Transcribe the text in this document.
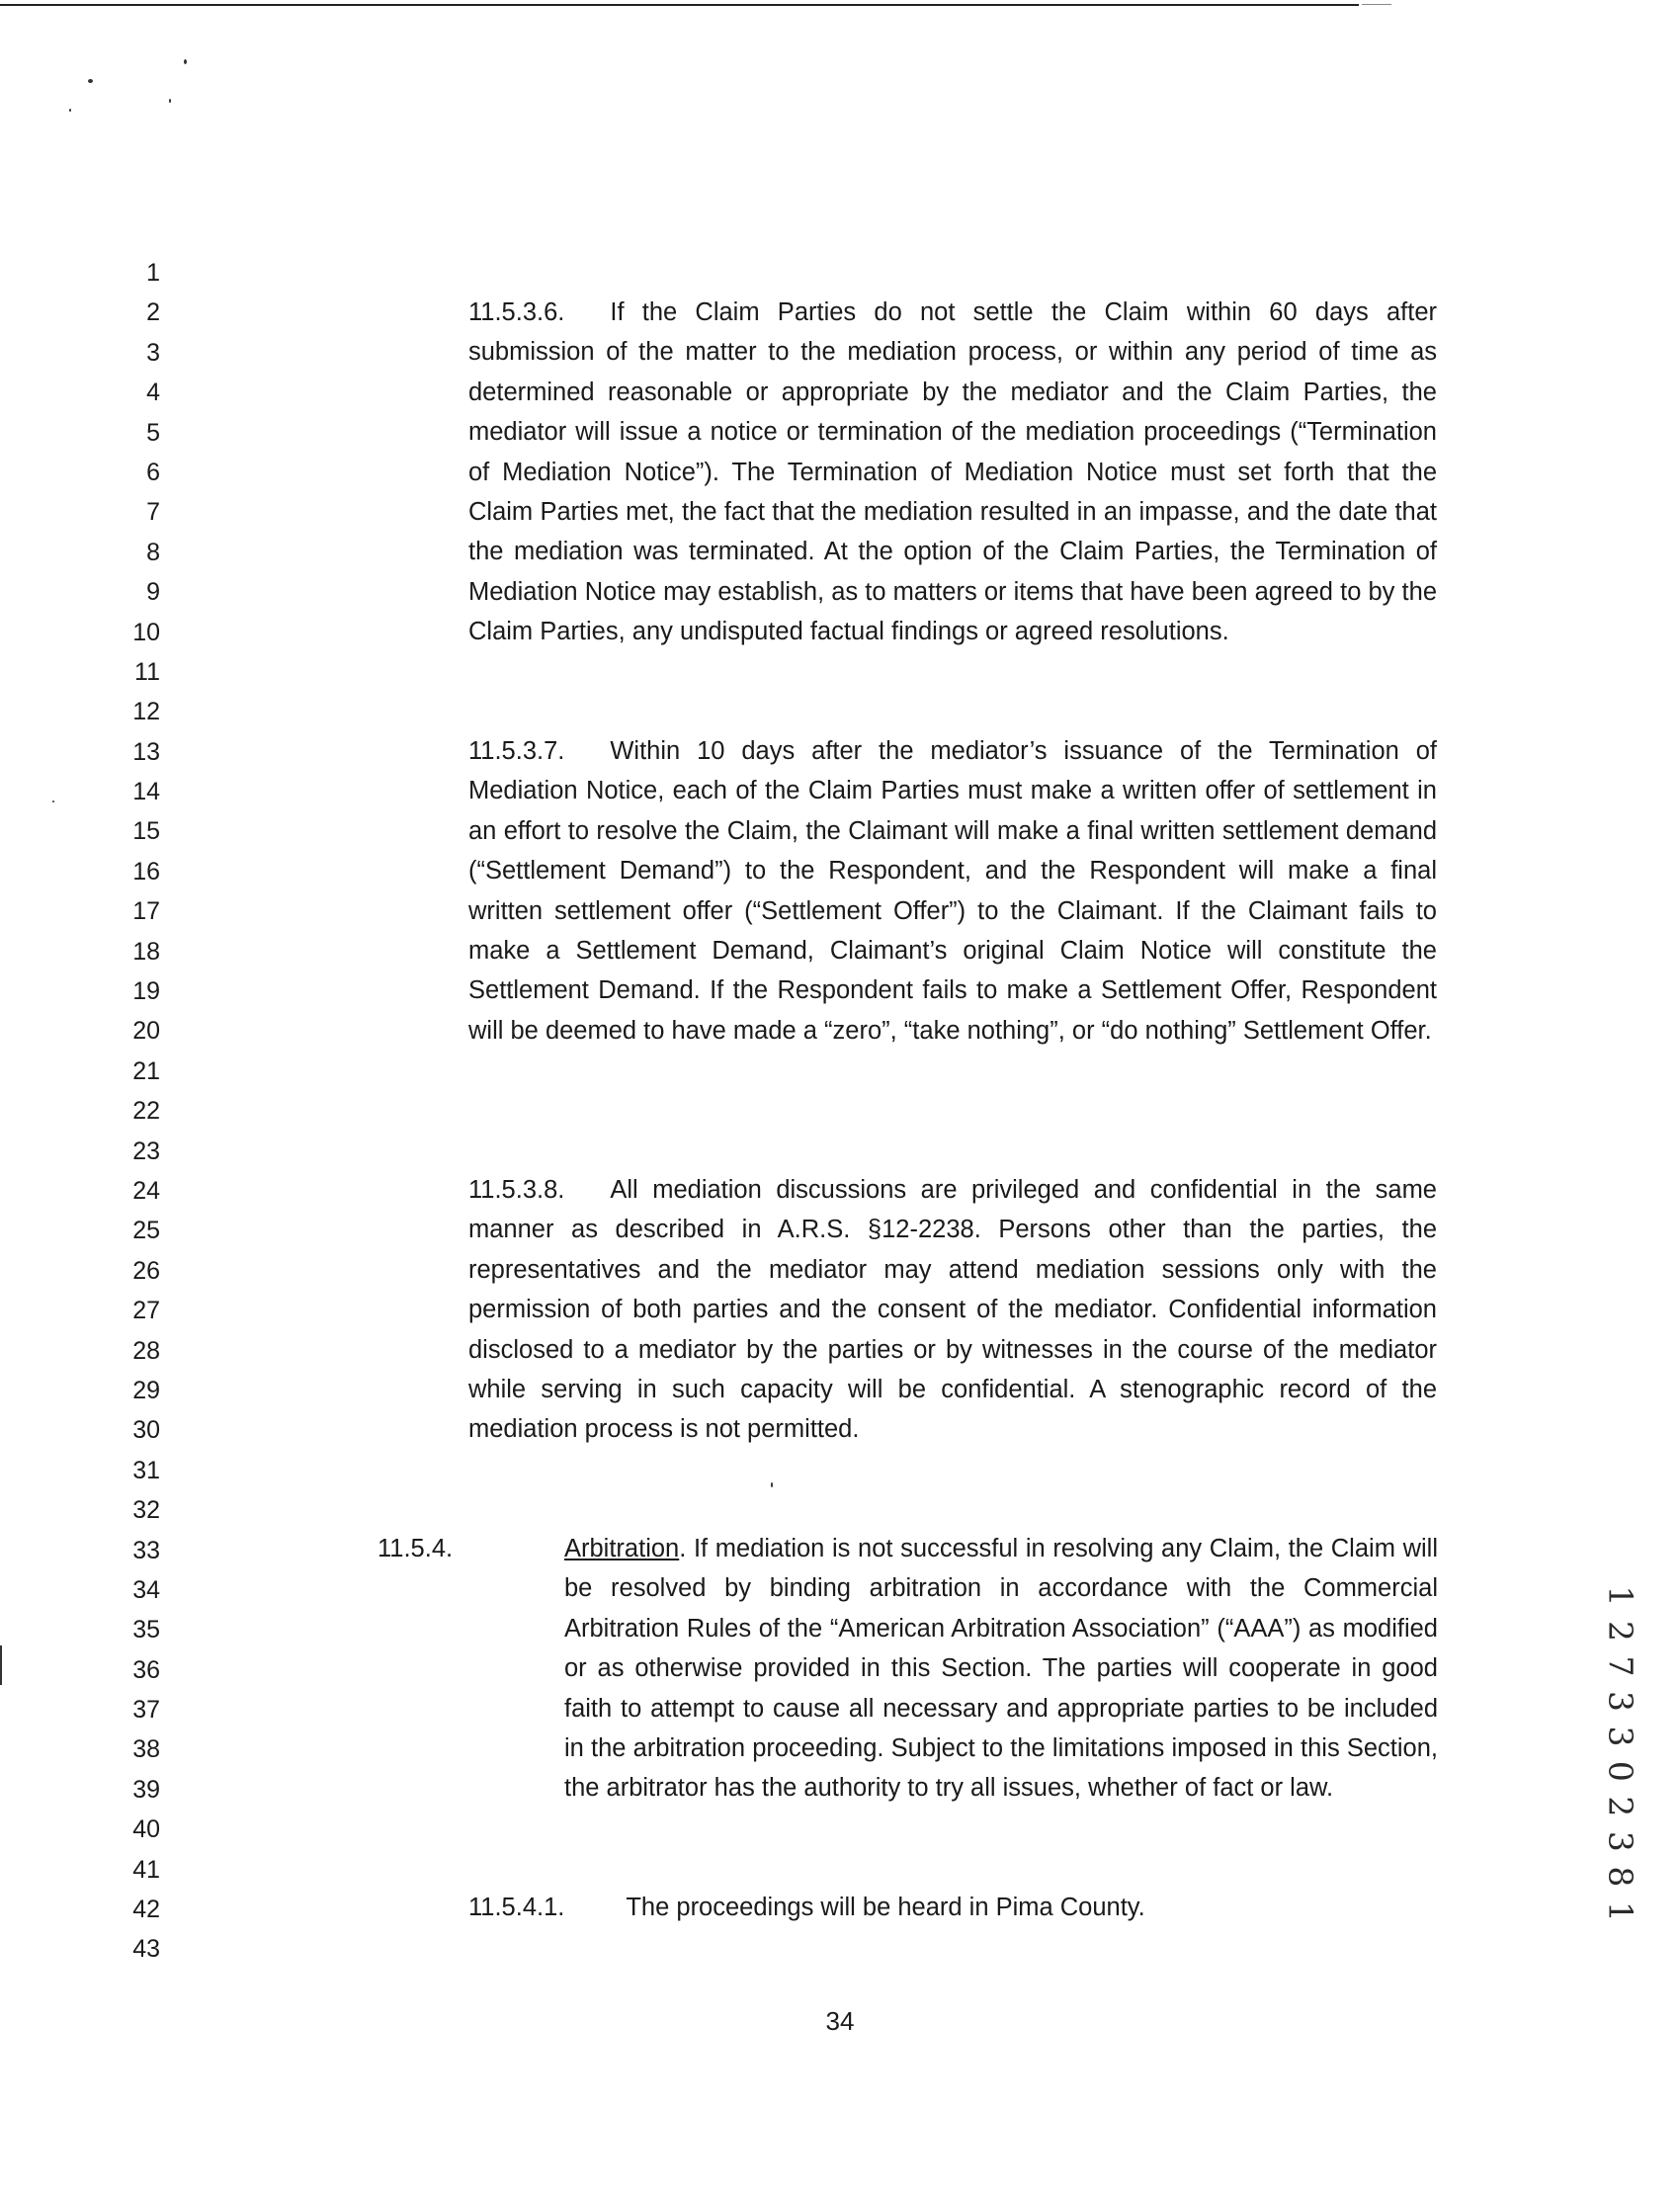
1
2
3
4
5
6
7
8
9
10
11
12
13
14
15
16
17
18
19
20
21
22
23
24
25
26
27
28
29
30
31
32
33
34
35
36
37
38
39
40
41
42
43
11.5.3.6. If the Claim Parties do not settle the Claim within 60 days after submission of the matter to the mediation process, or within any period of time as determined reasonable or appropriate by the mediator and the Claim Parties, the mediator will issue a notice or termination of the mediation proceedings (“Termination of Mediation Notice”). The Termination of Mediation Notice must set forth that the Claim Parties met, the fact that the mediation resulted in an impasse, and the date that the mediation was terminated. At the option of the Claim Parties, the Termination of Mediation Notice may establish, as to matters or items that have been agreed to by the Claim Parties, any undisputed factual findings or agreed resolutions.
11.5.3.7. Within 10 days after the mediator’s issuance of the Termination of Mediation Notice, each of the Claim Parties must make a written offer of settlement in an effort to resolve the Claim, the Claimant will make a final written settlement demand (“Settlement Demand”) to the Respondent, and the Respondent will make a final written settlement offer (“Settlement Offer”) to the Claimant. If the Claimant fails to make a Settlement Demand, Claimant’s original Claim Notice will constitute the Settlement Demand. If the Respondent fails to make a Settlement Offer, Respondent will be deemed to have made a “zero”, “take nothing”, or “do nothing” Settlement Offer.
11.5.3.8. All mediation discussions are privileged and confidential in the same manner as described in A.R.S. §12-2238. Persons other than the parties, the representatives and the mediator may attend mediation sessions only with the permission of both parties and the consent of the mediator. Confidential information disclosed to a mediator by the parties or by witnesses in the course of the mediator while serving in such capacity will be confidential. A stenographic record of the mediation process is not permitted.
11.5.4.	Arbitration. If mediation is not successful in resolving any Claim, the Claim will be resolved by binding arbitration in accordance with the Commercial Arbitration Rules of the “American Arbitration Association” (“AAA”) as modified or as otherwise provided in this Section. The parties will cooperate in good faith to attempt to cause all necessary and appropriate parties to be included in the arbitration proceeding. Subject to the limitations imposed in this Section, the arbitrator has the authority to try all issues, whether of fact or law.
11.5.4.1. The proceedings will be heard in Pima County.
34
1 2 7 3 3 0 2 3 8 1
